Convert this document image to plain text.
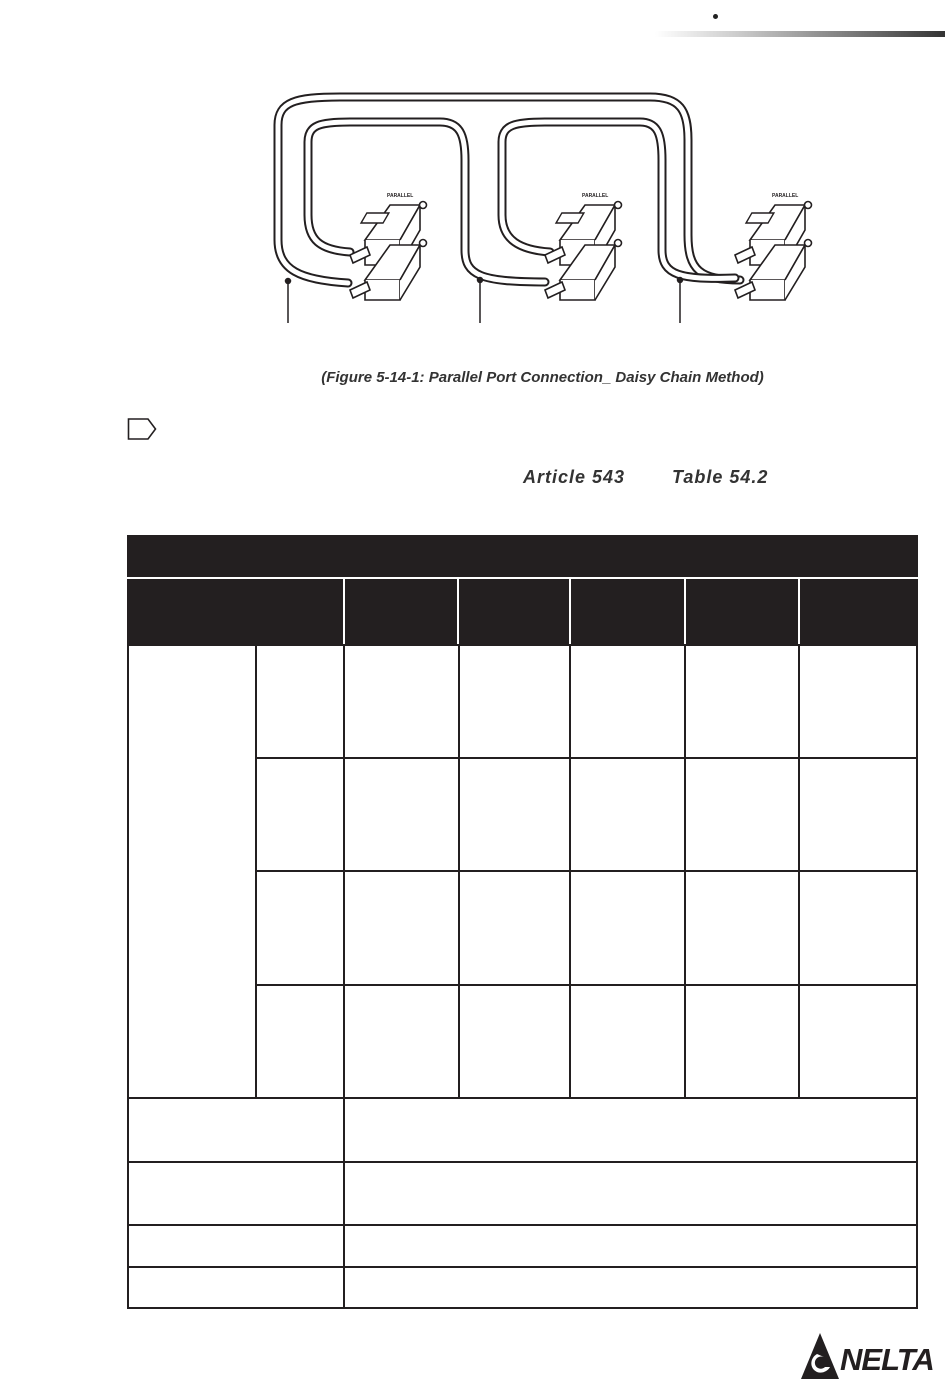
PARALLEL	PARALLEL	PARALLEL
(Figure 5-14-1: Parallel Port Connection_ Daisy Chain Method)
Article 543	Table 54.2
NELTA
